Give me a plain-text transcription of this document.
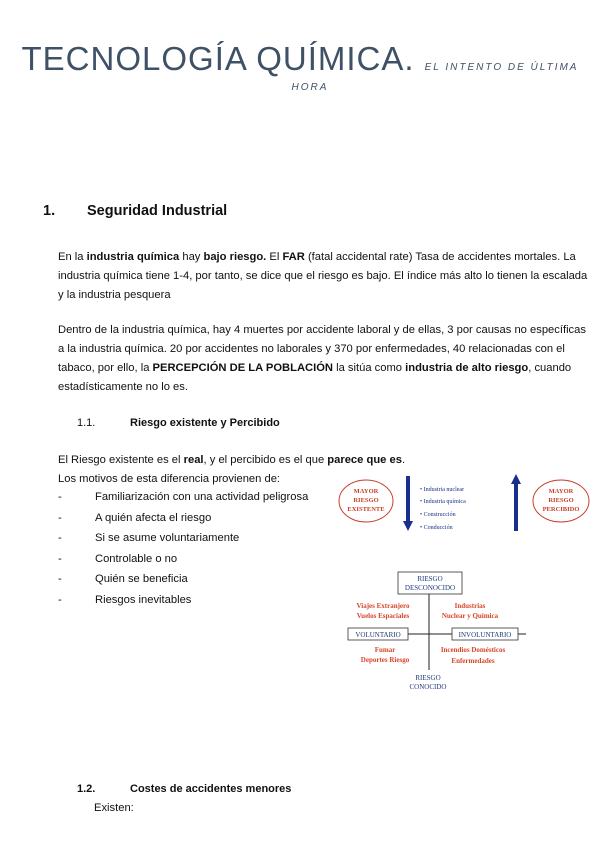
TECNOLOGÍA QUÍMICA. EL INTENTO DE ÚLTIMA
HORA
1. Seguridad Industrial
En la industria química hay bajo riesgo. El FAR (fatal accidental rate) Tasa de accidentes mortales. La industria química tiene 1-4, por tanto, se dice que el riesgo es bajo. El índice más alto lo tienen la escalada y la industria pesquera
Dentro de la industria química, hay 4 muertes por accidente laboral y de ellas, 3 por causas no específicas a la industria química. 20 por accidentes no laborales y 370 por enfermedades, 40 relacionadas con el tabaco, por ello, la PERCEPCIÓN DE LA POBLACIÓN la sitúa como industria de alto riesgo, cuando estadísticamente no lo es.
1.1.	Riesgo existente y Percibido
El Riesgo existente es el real, y el percibido es el que parece que es.
Los motivos de esta diferencia provienen de:
-	Familiarización con una actividad peligrosa
-	A quién afecta el riesgo
-	Si se asume voluntariamente
-	Controlable o no
-	Quién se beneficia
-	Riesgos inevitables
MAYOR
RIESGO
EXISTENTE
• Industria nuclear
• Industria química
• Construcción
• Conducción
MAYOR
RIESGO
PERCIBIDO
RIESGO
DESCONOCIDO
VOLUNTARIO	INVOLUNTARIO
Viajes Extranjero
Vuelos Espaciales
Industrias
Nuclear y Química
Fumar
Deportes Riesgo
Incendios Domésticos
Enfermedades
RIESGO
CONOCIDO
1.2.	Costes de accidentes menores
Existen:
